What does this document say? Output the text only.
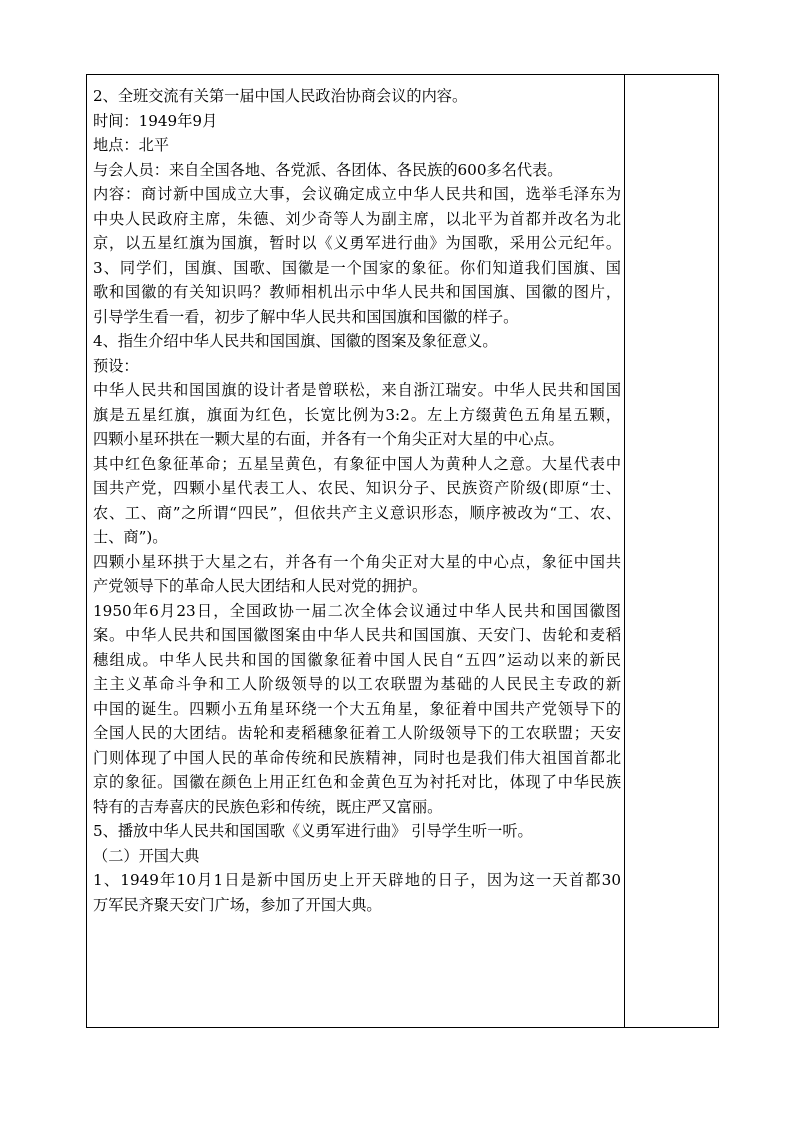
2、全班交流有关第一届中国人民政治协商会议的内容。
时间：1949年9月
地点：北平
与会人员：来自全国各地、各党派、各团体、各民族的600多名代表。
内容：商讨新中国成立大事，会议确定成立中华人民共和国，选举毛泽东为
中央人民政府主席，朱德、刘少奇等人为副主席，以北平为首都并改名为北
京，以五星红旗为国旗，暂时以《义勇军进行曲》为国歌，采用公元纪年。
3、同学们，国旗、国歌、国徽是一个国家的象征。你们知道我们国旗、国
歌和国徽的有关知识吗？教师相机出示中华人民共和国国旗、国徽的图片，
引导学生看一看，初步了解中华人民共和国国旗和国徽的样子。
4、指生介绍中华人民共和国国旗、国徽的图案及象征意义。
预设：
中华人民共和国国旗的设计者是曾联松，来自浙江瑞安。中华人民共和国国
旗是五星红旗，旗面为红色，长宽比例为3:2。左上方缀黄色五角星五颗，
四颗小星环拱在一颗大星的右面，并各有一个角尖正对大星的中心点。
其中红色象征革命；五星呈黄色，有象征中国人为黄种人之意。大星代表中
国共产党，四颗小星代表工人、农民、知识分子、民族资产阶级(即原“士、
农、工、商”之所谓“四民”，但依共产主义意识形态，顺序被改为“工、农、
士、商”)。
四颗小星环拱于大星之右，并各有一个角尖正对大星的中心点，象征中国共
产党领导下的革命人民大团结和人民对党的拥护。
1950年6月23日，全国政协一届二次全体会议通过中华人民共和国国徽图
案。中华人民共和国国徽图案由中华人民共和国国旗、天安门、齿轮和麦稻
穗组成。中华人民共和国的国徽象征着中国人民自“五四”运动以来的新民
主主义革命斗争和工人阶级领导的以工农联盟为基础的人民民主专政的新
中国的诞生。四颗小五角星环绕一个大五角星，象征着中国共产党领导下的
全国人民的大团结。齿轮和麦稻穗象征着工人阶级领导下的工农联盟；天安
门则体现了中国人民的革命传统和民族精神，同时也是我们伟大祖国首都北
京的象征。国徽在颜色上用正红色和金黄色互为衬托对比，体现了中华民族
特有的吉寿喜庆的民族色彩和传统，既庄严又富丽。
5、播放中华人民共和国国歌《义勇军进行曲》 引导学生听一听。
（二）开国大典
1、1949年10月1日是新中国历史上开天辟地的日子，因为这一天首都30
万军民齐聚天安门广场，参加了开国大典。
